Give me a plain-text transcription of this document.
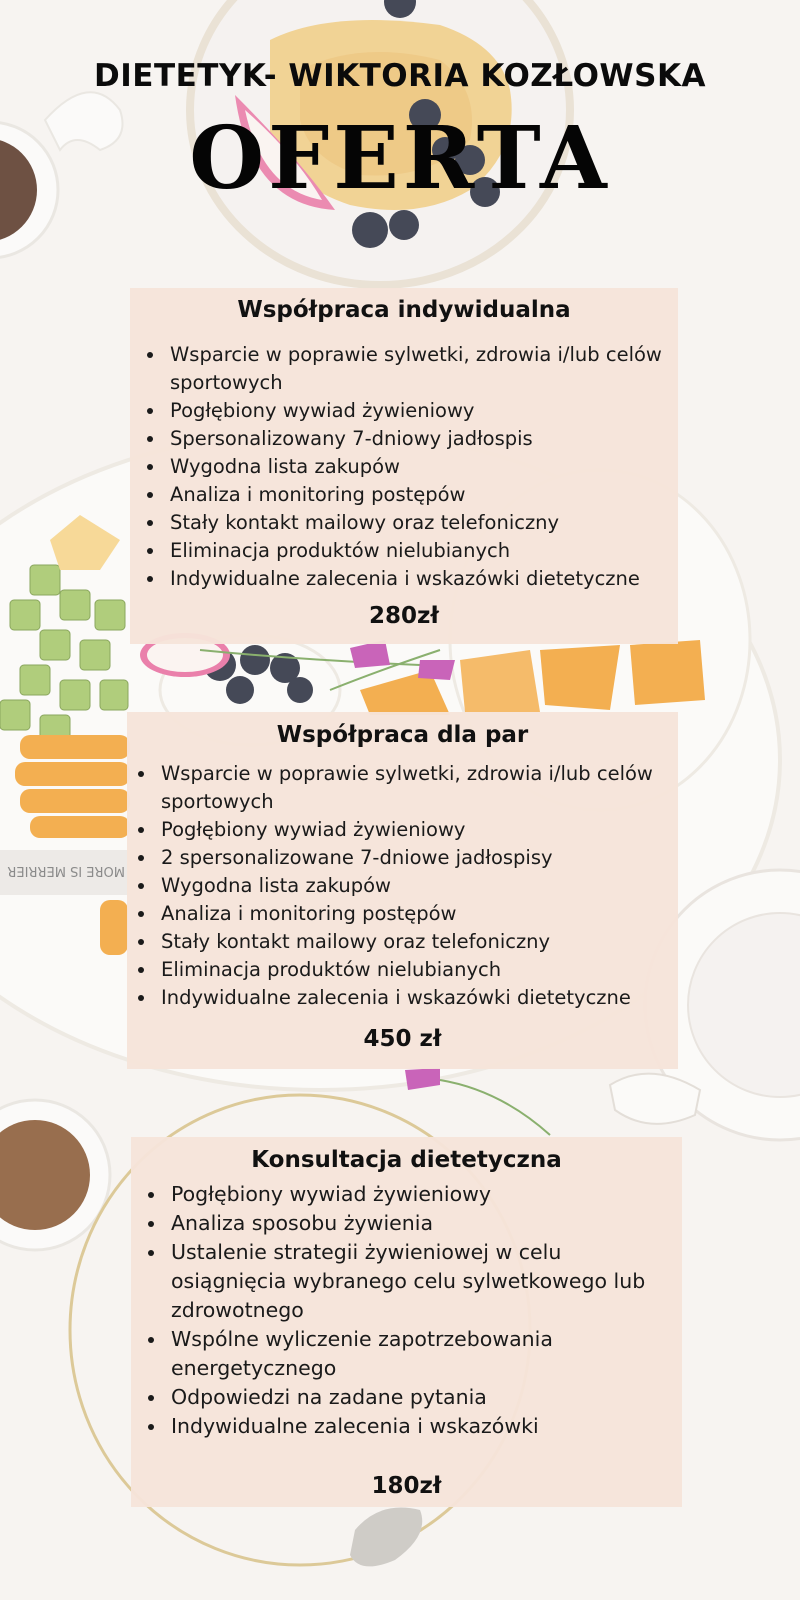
MORE IS MERRIER
DIETETYK- WIKTORIA KOZŁOWSKA
OFERTA
Współpraca indywidualna
• Wsparcie w poprawie sylwetki, zdrowia i/lub celów sportowych
• Pogłębiony wywiad żywieniowy
• Spersonalizowany 7-dniowy jadłospis
• Wygodna lista zakupów
• Analiza i monitoring postępów
• Stały kontakt mailowy oraz telefoniczny
• Eliminacja produktów nielubianych
• Indywidualne zalecenia i wskazówki dietetyczne
280zł
Współpraca dla par
• Wsparcie w poprawie sylwetki, zdrowia i/lub celów sportowych
• Pogłębiony wywiad żywieniowy
• 2 spersonalizowane 7-dniowe jadłospisy
• Wygodna lista zakupów
• Analiza i monitoring postępów
• Stały kontakt mailowy oraz telefoniczny
• Eliminacja produktów nielubianych
• Indywidualne zalecenia i wskazówki dietetyczne
450 zł
Konsultacja dietetyczna
• Pogłębiony wywiad żywieniowy
• Analiza sposobu żywienia
• Ustalenie strategii żywieniowej w celu osiągnięcia wybranego celu sylwetkowego lub zdrowotnego
• Wspólne wyliczenie zapotrzebowania energetycznego
• Odpowiedzi na zadane pytania
• Indywidualne zalecenia i wskazówki
180zł
